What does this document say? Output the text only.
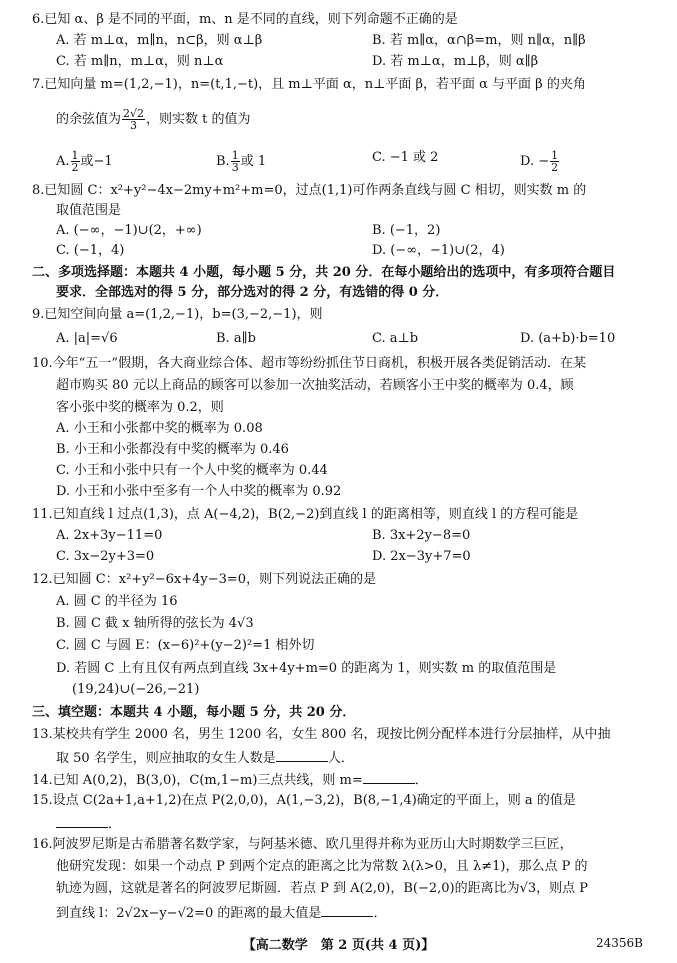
6.已知 α、β 是不同的平面，m、n 是不同的直线，则下列命题不正确的是
A. 若 m⊥α，m∥n，n⊂β，则 α⊥β	B. 若 m∥α，α∩β=m，则 n∥α，n∥β
C. 若 m∥n，m⊥α，则 n⊥α	D. 若 m⊥α，m⊥β，则 α∥β
7.已知向量 m=(1,2,−1)，n=(t,1,−t)，且 m⊥平面 α，n⊥平面 β，若平面 α 与平面 β 的夹角
的余弦值为 $\frac{2√2}{3}$ ，则实数 t 的值为
A. $\frac{1}{2}$ 或−1	B. $\frac{1}{3}$ 或 1	C. −1 或 2	D. − $\frac{1}{2}$
8.已知圆 C：x²+y²−4x−2my+m²+m=0，过点(1,1)可作两条直线与圆 C 相切，则实数 m 的
取值范围是
A. (−∞，−1)∪(2，+∞)	B. (−1，2)
C. (−1，4)	D. (−∞，−1)∪(2，4)
二、多项选择题：本题共 4 小题，每小题 5 分，共 20 分．在每小题给出的选项中，有多项符合题目
要求．全部选对的得 5 分，部分选对的得 2 分，有选错的得 0 分．
9.已知空间向量 a=(1,2,−1)，b=(3,−2,−1)，则
A. |a|=√6	B. a∥b	C. a⊥b	D. (a+b)·b=10
10.今年“五一”假期，各大商业综合体、超市等纷纷抓住节日商机，积极开展各类促销活动．在某
超市购买 80 元以上商品的顾客可以参加一次抽奖活动，若顾客小王中奖的概率为 0.4，顾
客小张中奖的概率为 0.2，则
A. 小王和小张都中奖的概率为 0.08
B. 小王和小张都没有中奖的概率为 0.46
C. 小王和小张中只有一个人中奖的概率为 0.44
D. 小王和小张中至多有一个人中奖的概率为 0.92
11.已知直线 l 过点(1,3)，点 A(−4,2)，B(2,−2)到直线 l 的距离相等，则直线 l 的方程可能是
A. 2x+3y−11=0	B. 3x+2y−8=0
C. 3x−2y+3=0	D. 2x−3y+7=0
12.已知圆 C：x²+y²−6x+4y−3=0，则下列说法正确的是
A. 圆 C 的半径为 16
B. 圆 C 截 x 轴所得的弦长为 4√3
C. 圆 C 与圆 E：(x−6)²+(y−2)²=1 相外切
D. 若圆 C 上有且仅有两点到直线 3x+4y+m=0 的距离为 1，则实数 m 的取值范围是
(19,24)∪(−26,−21)
三、填空题：本题共 4 小题，每小题 5 分，共 20 分．
13.某校共有学生 2000 名，男生 1200 名，女生 800 名，现按比例分配样本进行分层抽样，从中抽
取 50 名学生，则应抽取的女生人数是	人．
14.已知 A(0,2)，B(3,0)，C(m,1−m)三点共线，则 m=	．
15.设点 C(2a+1,a+1,2)在点 P(2,0,0)，A(1,−3,2)，B(8,−1,4)确定的平面上，则 a 的值是
．
16.阿波罗尼斯是古希腊著名数学家，与阿基米德、欧几里得并称为亚历山大时期数学三巨匠，
他研究发现：如果一个动点 P 到两个定点的距离之比为常数 λ(λ>0，且 λ≠1)，那么点 P 的
轨迹为圆，这就是著名的阿波罗尼斯圆．若点 P 到 A(2,0)，B(−2,0)的距离比为√3，则点 P
到直线 l：2√2x−y−√2=0 的距离的最大值是	．
【高二数学　第 2 页(共 4 页)】	24356B
